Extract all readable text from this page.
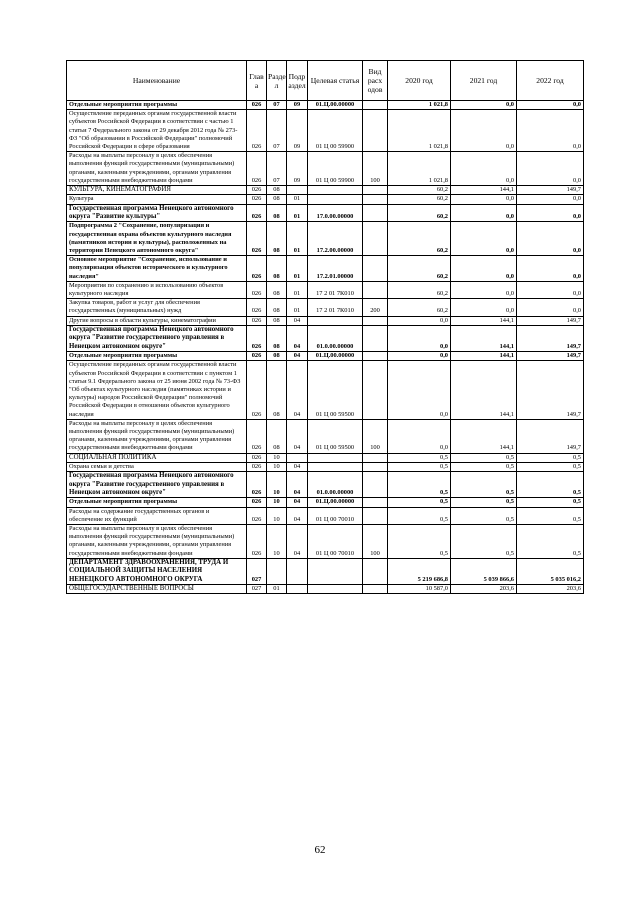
Наименование	Глав а	Разде л	Подр аздел	Целевая статья	Вид расх одов	2020 год	2021 год	2022 год
Отдельные мероприятия программы	026	07	09	01.Ц.00.00000		1 021,8	0,0	0,0
Осуществление переданных органам государственной власти субъектов Российской Федерации в соответствии с частью 1 статьи 7 Федерального закона от 29 декабря 2012 года № 273-ФЗ "Об образовании в Российской Федерации" полномочий Российской Федерации в сфере образования	026	07	09	01 Ц 00 59900		1 021,8	0,0	0,0
Расходы на выплаты персоналу в целях обеспечения выполнения функций государственными (муниципальными) органами, казенными учреждениями, органами управления государственными внебюджетными фондами	026	07	09	01 Ц 00 59900	100	1 021,8	0,0	0,0
КУЛЬТУРА, КИНЕМАТОГРАФИЯ	026	08				60,2	144,1	149,7
Культура	026	08	01			60,2	0,0	0,0
Государственная программа Ненецкого автономного округа "Развитие культуры"	026	08	01	17.0.00.00000		60,2	0,0	0,0
Подпрограмма 2 "Сохранение, популяризация и государственная охрана объектов культурного наследия (памятников истории и культуры), расположенных на территории Ненецкого автономного округа"	026	08	01	17.2.00.00000		60,2	0,0	0,0
Основное мероприятие "Сохранение, использование и популяризация объектов исторического и культурного наследия"	026	08	01	17.2.01.00000		60,2	0,0	0,0
Мероприятия по сохранению и использованию объектов культурного наследия	026	08	01	17 2 01 7К010		60,2	0,0	0,0
Закупка товаров, работ и услуг для обеспечения государственных (муниципальных) нужд	026	08	01	17 2 01 7К010	200	60,2	0,0	0,0
Другие вопросы в области культуры, кинематографии	026	08	04			0,0	144,1	149,7
Государственная программа Ненецкого автономного округа "Развитие государственного управления в Ненецком автономном округе"	026	08	04	01.0.00.00000		0,0	144,1	149,7
Отдельные мероприятия программы	026	08	04	01.Ц.00.00000		0,0	144,1	149,7
Осуществление переданных органам государственной власти субъектов Российской Федерации в соответствии с пунктом 1 статьи 9.1 Федерального закона от 25 июня 2002 года № 73-ФЗ "Об объектах культурного наследия (памятниках истории и культуры) народов Российской Федерации" полномочий Российской Федерации в отношении объектов культурного наследия	026	08	04	01 Ц 00 59500		0,0	144,1	149,7
Расходы на выплаты персоналу в целях обеспечения выполнения функций государственными (муниципальными) органами, казенными учреждениями, органами управления государственными внебюджетными фондами	026	08	04	01 Ц 00 59500	100	0,0	144,1	149,7
СОЦИАЛЬНАЯ ПОЛИТИКА	026	10				0,5	0,5	0,5
Охрана семьи и детства	026	10	04			0,5	0,5	0,5
Государственная программа Ненецкого автономного округа "Развитие государственного управления в Ненецком автономном округе"	026	10	04	01.0.00.00000		0,5	0,5	0,5
Отдельные мероприятия программы	026	10	04	01.Ц.00.00000		0,5	0,5	0,5
Расходы на содержание государственных органов и обеспечение их функций	026	10	04	01 Ц 00 70010		0,5	0,5	0,5
Расходы на выплаты персоналу в целях обеспечения выполнения функций государственными (муниципальными) органами, казенными учреждениями, органами управления государственными внебюджетными фондами	026	10	04	01 Ц 00 70010	100	0,5	0,5	0,5
ДЕПАРТАМЕНТ ЗДРАВООХРАНЕНИЯ, ТРУДА И СОЦИАЛЬНОЙ ЗАЩИТЫ НАСЕЛЕНИЯ НЕНЕЦКОГО АВТОНОМНОГО ОКРУГА	027					5 219 686,8	5 039 866,6	5 035 016,2
ОБЩЕГОСУДАРСТВЕННЫЕ ВОПРОСЫ	027	01				10 587,0	203,6	203,6
62
